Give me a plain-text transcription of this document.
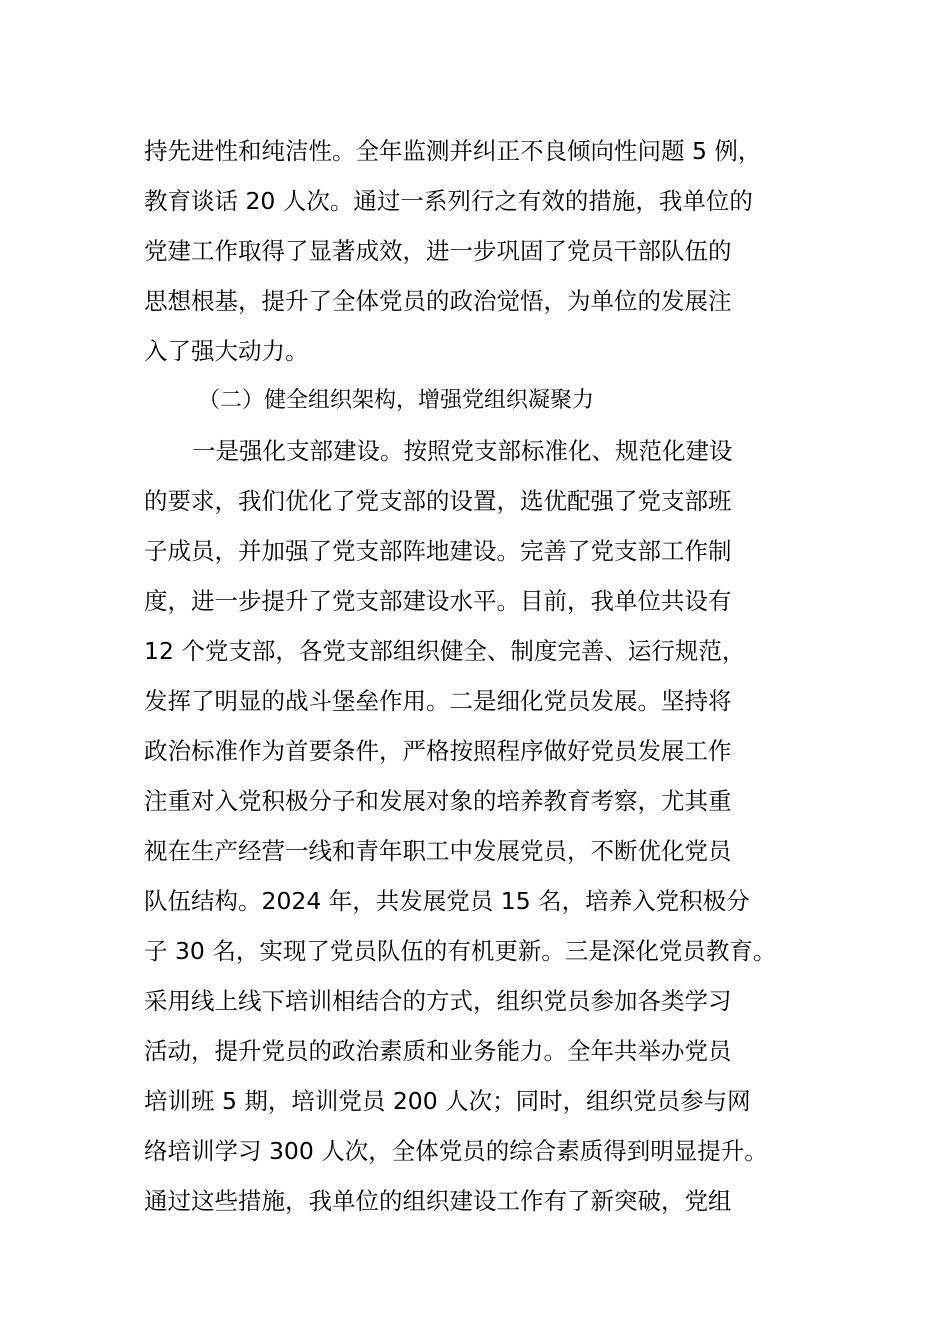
持先进性和纯洁性。全年监测并纠正不良倾向性问题 5 例，
教育谈话 20 人次。通过一系列行之有效的措施，我单位的
党建工作取得了显著成效，进一步巩固了党员干部队伍的
思想根基，提升了全体党员的政治觉悟，为单位的发展注
入了强大动力。
（二）健全组织架构，增强党组织凝聚力
一是强化支部建设。按照党支部标准化、规范化建设
的要求，我们优化了党支部的设置，选优配强了党支部班
子成员，并加强了党支部阵地建设。完善了党支部工作制
度，进一步提升了党支部建设水平。目前，我单位共设有
12 个党支部，各党支部组织健全、制度完善、运行规范，
发挥了明显的战斗堡垒作用。二是细化党员发展。坚持将
政治标准作为首要条件，严格按照程序做好党员发展工作
注重对入党积极分子和发展对象的培养教育考察，尤其重
视在生产经营一线和青年职工中发展党员，不断优化党员
队伍结构。2024 年，共发展党员 15 名，培养入党积极分
子 30 名，实现了党员队伍的有机更新。三是深化党员教育。
采用线上线下培训相结合的方式，组织党员参加各类学习
活动，提升党员的政治素质和业务能力。全年共举办党员
培训班 5 期，培训党员 200 人次；同时，组织党员参与网
络培训学习 300 人次，全体党员的综合素质得到明显提升。
通过这些措施，我单位的组织建设工作有了新突破，党组
